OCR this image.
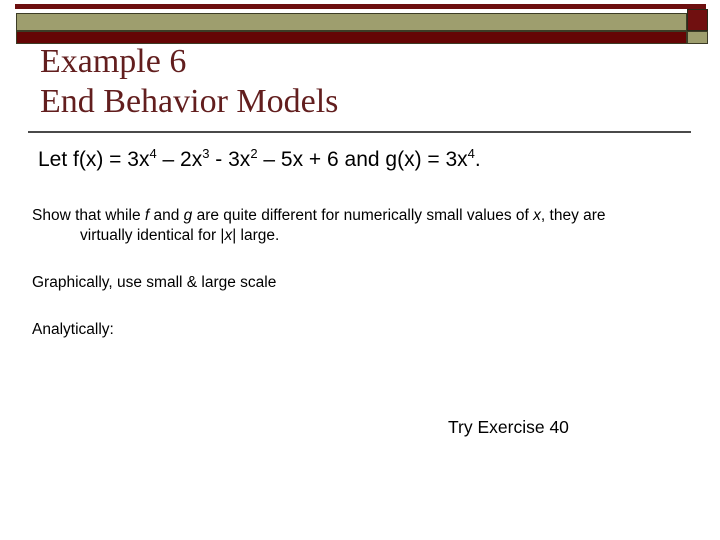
Example 6
End Behavior Models
Let $f(x) = 3x^4 - 2x^3 - 3x^2 - 5x + 6$ and $g(x) = 3x^4$.
Show that while f and g are quite different for numerically small values of x, they are
virtually identical for |x| large.
Graphically, use small & large scale
Analytically:
Try Exercise 40
